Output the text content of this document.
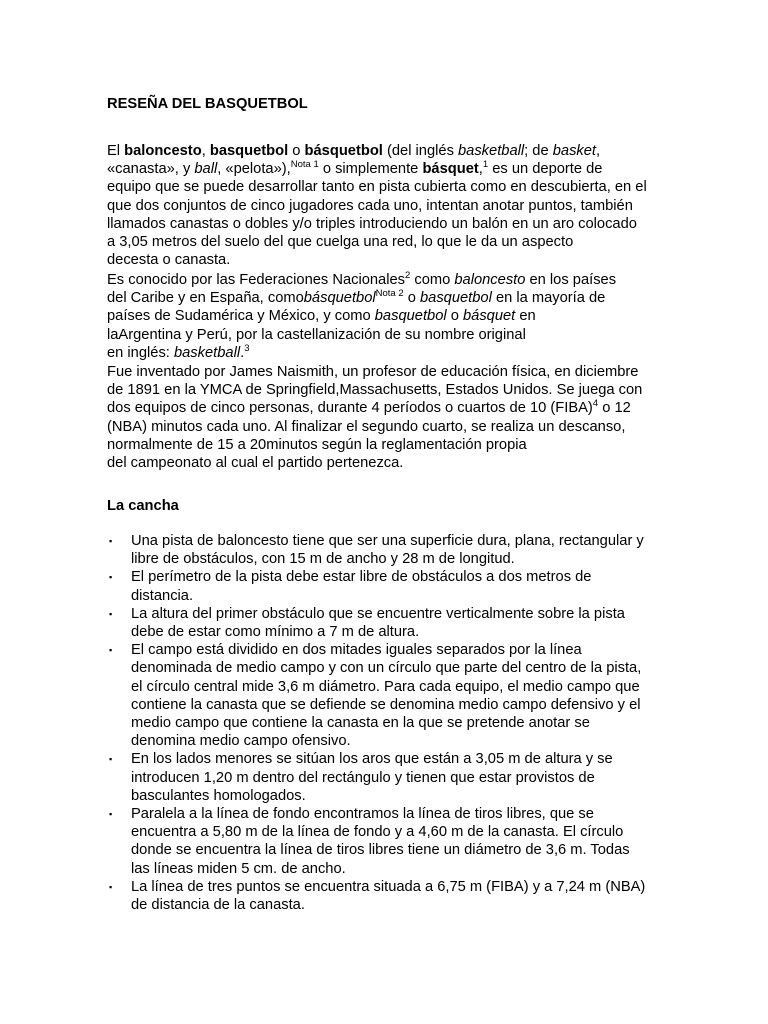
RESEÑA DEL BASQUETBOL
El baloncesto, basquetbol o básquetbol (del inglés basketball; de basket,
«canasta», y ball, «pelota»),$^{Nota 1}$ o simplemente básquet,$^1$ es un deporte de
equipo que se puede desarrollar tanto en pista cubierta como en descubierta, en el
que dos conjuntos de cinco jugadores cada uno, intentan anotar puntos, también
llamados canastas o dobles y/o triples introduciendo un balón en un aro colocado
a 3,05 metros del suelo del que cuelga una red, lo que le da un aspecto
decesta o canasta.
Es conocido por las Federaciones Nacionales$^2$ como baloncesto en los países
del Caribe y en España, comobásquetbol$^{Nota 2}$ o basquetbol en la mayoría de
países de Sudamérica y México, y como basquetbol o básquet en
laArgentina y Perú, por la castellanización de su nombre original
en inglés: basketball.$^3$
Fue inventado por James Naismith, un profesor de educación física, en diciembre
de 1891 en la YMCA de Springfield,Massachusetts, Estados Unidos. Se juega con
dos equipos de cinco personas, durante 4 períodos o cuartos de 10 (FIBA)$^4$ o 12
(NBA) minutos cada uno. Al finalizar el segundo cuarto, se realiza un descanso,
normalmente de 15 a 20minutos según la reglamentación propia
del campeonato al cual el partido pertenezca.
La cancha
▪ Una pista de baloncesto tiene que ser una superficie dura, plana, rectangular y
libre de obstáculos, con 15 m de ancho y 28 m de longitud.
▪ El perímetro de la pista debe estar libre de obstáculos a dos metros de
distancia.
▪ La altura del primer obstáculo que se encuentre verticalmente sobre la pista
debe de estar como mínimo a 7 m de altura.
▪ El campo está dividido en dos mitades iguales separados por la línea
denominada de medio campo y con un círculo que parte del centro de la pista,
el círculo central mide 3,6 m diámetro. Para cada equipo, el medio campo que
contiene la canasta que se defiende se denomina medio campo defensivo y el
medio campo que contiene la canasta en la que se pretende anotar se
denomina medio campo ofensivo.
▪ En los lados menores se sitúan los aros que están a 3,05 m de altura y se
introducen 1,20 m dentro del rectángulo y tienen que estar provistos de
basculantes homologados.
▪ Paralela a la línea de fondo encontramos la línea de tiros libres, que se
encuentra a 5,80 m de la línea de fondo y a 4,60 m de la canasta. El círculo
donde se encuentra la línea de tiros libres tiene un diámetro de 3,6 m. Todas
las líneas miden 5 cm. de ancho.
▪ La línea de tres puntos se encuentra situada a 6,75 m (FIBA) y a 7,24 m (NBA)
de distancia de la canasta.
